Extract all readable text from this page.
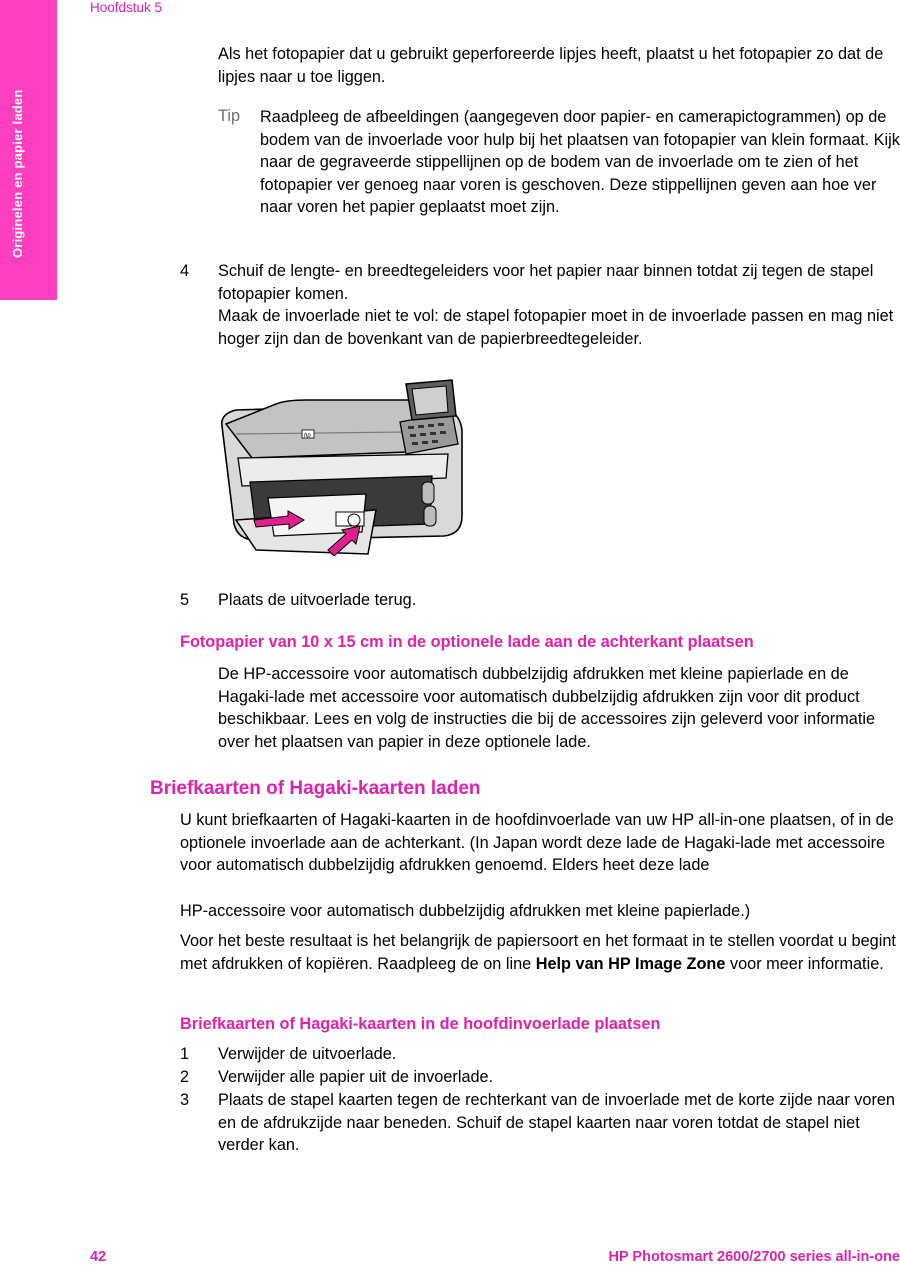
Originelen en papier laden
Hoofdstuk 5

Als het fotopapier dat u gebruikt geperforeerde lipjes heeft, plaatst u het fotopapier zo dat de lipjes naar u toe liggen.

Tip Raadpleeg de afbeeldingen (aangegeven door papier- en camerapictogrammen) op de bodem van de invoerlade voor hulp bij het plaatsen van fotopapier van klein formaat. Kijk naar de gegraveerde stippellijnen op de bodem van de invoerlade om te zien of het fotopapier ver genoeg naar voren is geschoven. Deze stippellijnen geven aan hoe ver naar voren het papier geplaatst moet zijn.

4 Schuif de lengte- en breedtegeleiders voor het papier naar binnen totdat zij tegen de stapel fotopapier komen.

Maak de invoerlade niet te vol: de stapel fotopapier moet in de invoerlade passen en mag niet hoger zijn dan de bovenkant van de papierbreedtegeleider.

hp
5 Plaats de uitvoerlade terug.

Fotopapier van 10 x 15 cm in de optionele lade aan de achterkant plaatsen

De HP-accessoire voor automatisch dubbelzijdig afdrukken met kleine papierlade en de Hagaki-lade met accessoire voor automatisch dubbelzijdig afdrukken zijn voor dit product beschikbaar. Lees en volg de instructies die bij de accessoires zijn geleverd voor informatie over het plaatsen van papier in deze optionele lade.

Briefkaarten of Hagaki-kaarten laden

U kunt briefkaarten of Hagaki-kaarten in de hoofdinvoerlade van uw HP all-in-one plaatsen, of in de optionele invoerlade aan de achterkant. (In Japan wordt deze lade de Hagaki-lade met accessoire voor automatisch dubbelzijdig afdrukken genoemd. Elders heet deze lade

HP-accessoire voor automatisch dubbelzijdig afdrukken met kleine papierlade.)

Voor het beste resultaat is het belangrijk de papiersoort en het formaat in te stellen voordat u begint met afdrukken of kopiëren. Raadpleeg de on line Help van HP Image Zone voor meer informatie.

Briefkaarten of Hagaki-kaarten in de hoofdinvoerlade plaatsen
1 Verwijder de uitvoerlade.

2 Verwijder alle papier uit de invoerlade.

3 Plaats de stapel kaarten tegen de rechterkant van de invoerlade met de korte zijde naar voren en de afdrukzijde naar beneden. Schuif de stapel kaarten naar voren totdat de stapel niet verder kan.

42	HP Photosmart 2600/2700 series all-in-one
